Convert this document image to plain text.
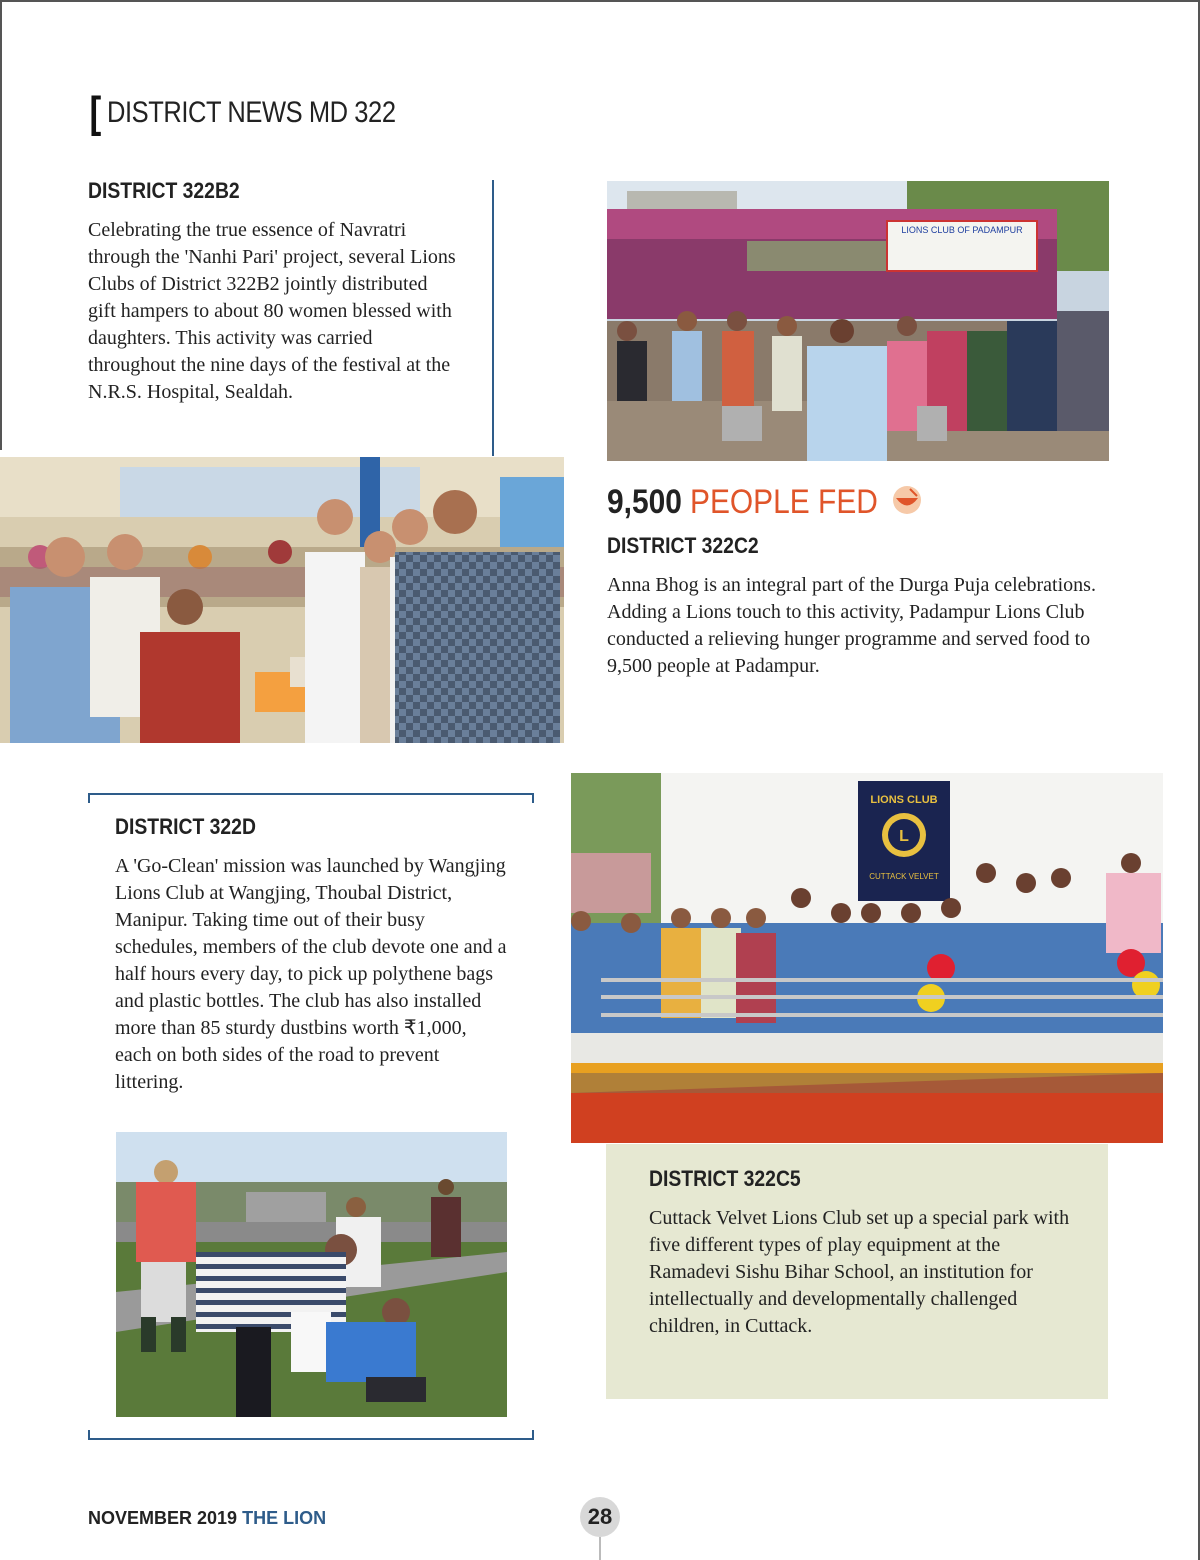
[ DISTRICT NEWS MD 322
DISTRICT 322B2
Celebrating the true essence of Navratri through the 'Nanhi Pari' project, several Lions Clubs of District 322B2 jointly distributed gift hampers to about 80 women blessed with daughters. This activity was carried throughout the nine days of the festival at the N.R.S. Hospital, Sealdah.
LIONS CLUB OF PADAMPUR
9,500 PEOPLE FED
DISTRICT 322C2
Anna Bhog is an integral part of the Durga Puja celebrations. Adding a Lions touch to this activity, Padampur Lions Club conducted a relieving hunger programme and served food to 9,500 people at Padampur.
DISTRICT 322D
A 'Go-Clean' mission was launched by Wangjing Lions Club at Wangjing, Thoubal District, Manipur. Taking time out of their busy schedules, members of the club devote one and a half hours every day, to pick up polythene bags and plastic bottles. The club has also installed more than 85 sturdy dustbins worth ₹1,000, each on both sides of the road to prevent littering.
LIONS CLUB
L
CUTTACK VELVET
DISTRICT 322C5
Cuttack Velvet Lions Club set up a special park with five different types of play equipment at the Ramadevi Sishu Bihar School, an institution for intellectually and developmentally challenged children, in Cuttack.
NOVEMBER 2019 THE LION	28
